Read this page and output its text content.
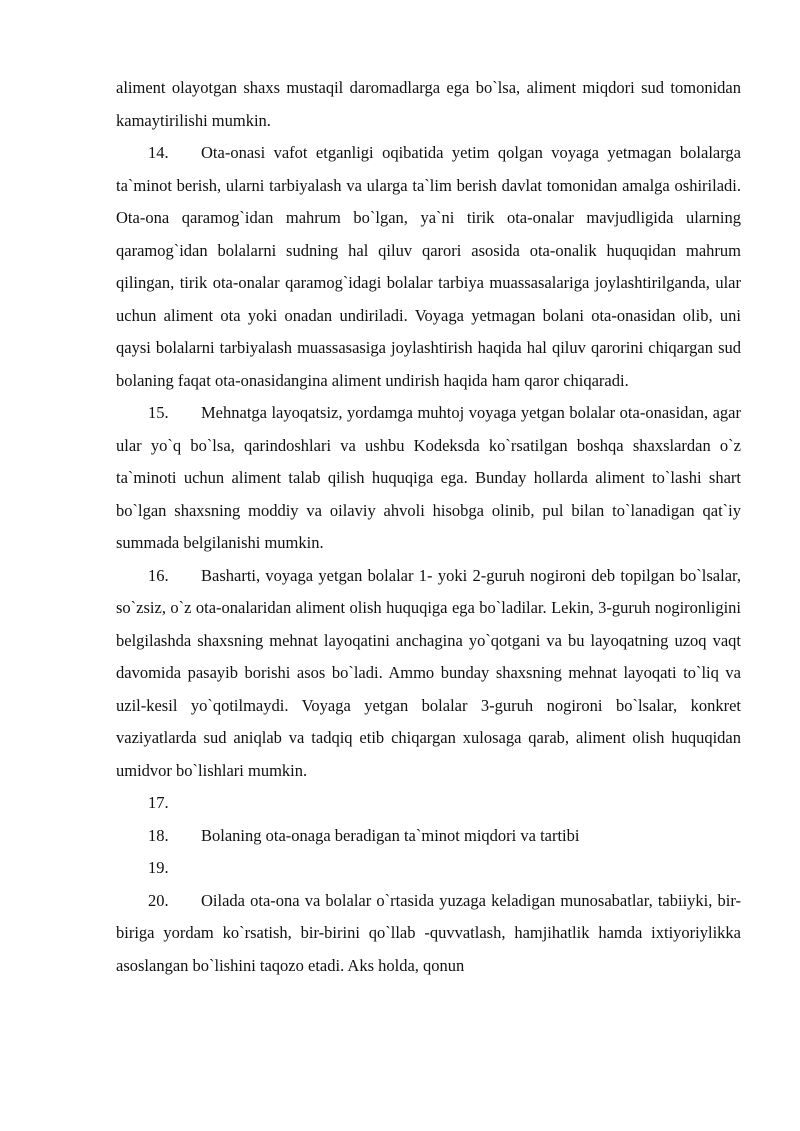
aliment olayotgan shaxs mustaqil daromadlarga ega bo`lsa, aliment miqdori sud tomonidan kamaytirilishi mumkin.

14. Ota-onasi vafot etganligi oqibatida yetim qolgan voyaga yetmagan bolalarga ta`minot berish, ularni tarbiyalash va ularga ta`lim berish davlat tomonidan amalga oshiriladi. Ota-ona qaramog`idan mahrum bo`lgan, ya`ni tirik ota-onalar mavjudligida ularning qaramog`idan bolalarni sudning hal qiluv qarori asosida ota-onalik huquqidan mahrum qilingan, tirik ota-onalar qaramog`idagi bolalar tarbiya muassasalariga joylashtirilganda, ular uchun aliment ota yoki onadan undiriladi. Voyaga yetmagan bolani ota-onasidan olib, uni qaysi bolalarni tarbiyalash muassasasiga joylashtirish haqida hal qiluv qarorini chiqargan sud bolaning faqat ota-onasidangina aliment undirish haqida ham qaror chiqaradi.

15. Mehnatga layoqatsiz, yordamga muhtoj voyaga yetgan bolalar ota-onasidan, agar ular yo`q bo`lsa, qarindoshlari va ushbu Kodeksda ko`rsatilgan boshqa shaxslardan o`z ta`minoti uchun aliment talab qilish huquqiga ega. Bunday hollarda aliment to`lashi shart bo`lgan shaxsning moddiy va oilaviy ahvoli hisobga olinib, pul bilan to`lanadigan qat`iy summada belgilanishi mumkin.

16. Basharti, voyaga yetgan bolalar 1- yoki 2-guruh nogironi deb topilgan bo`lsalar, so`zsiz, o`z ota-onalaridan aliment olish huquqiga ega bo`ladilar. Lekin, 3-guruh nogironligini belgilashda shaxsning mehnat layoqatini anchagina yo`qotgani va bu layoqatning uzoq vaqt davomida pasayib borishi asos bo`ladi. Ammo bunday shaxsning mehnat layoqati to`liq va uzil-kesil yo`qotilmaydi. Voyaga yetgan bolalar 3-guruh nogironi bo`lsalar, konkret vaziyatlarda sud aniqlab va tadqiq etib chiqargan xulosaga qarab, aliment olish huquqidan umidvor bo`lishlari mumkin.

17.

18. Bolaning ota-onaga beradigan ta`minot miqdori va tartibi

19.

20. Oilada ota-ona va bolalar o`rtasida yuzaga keladigan munosabatlar, tabiiyki, bir-biriga yordam ko`rsatish, bir-birini qo`llab -quvvatlash, hamjihatlik hamda ixtiyoriylikka asoslangan bo`lishini taqozo etadi. Aks holda, qonun
